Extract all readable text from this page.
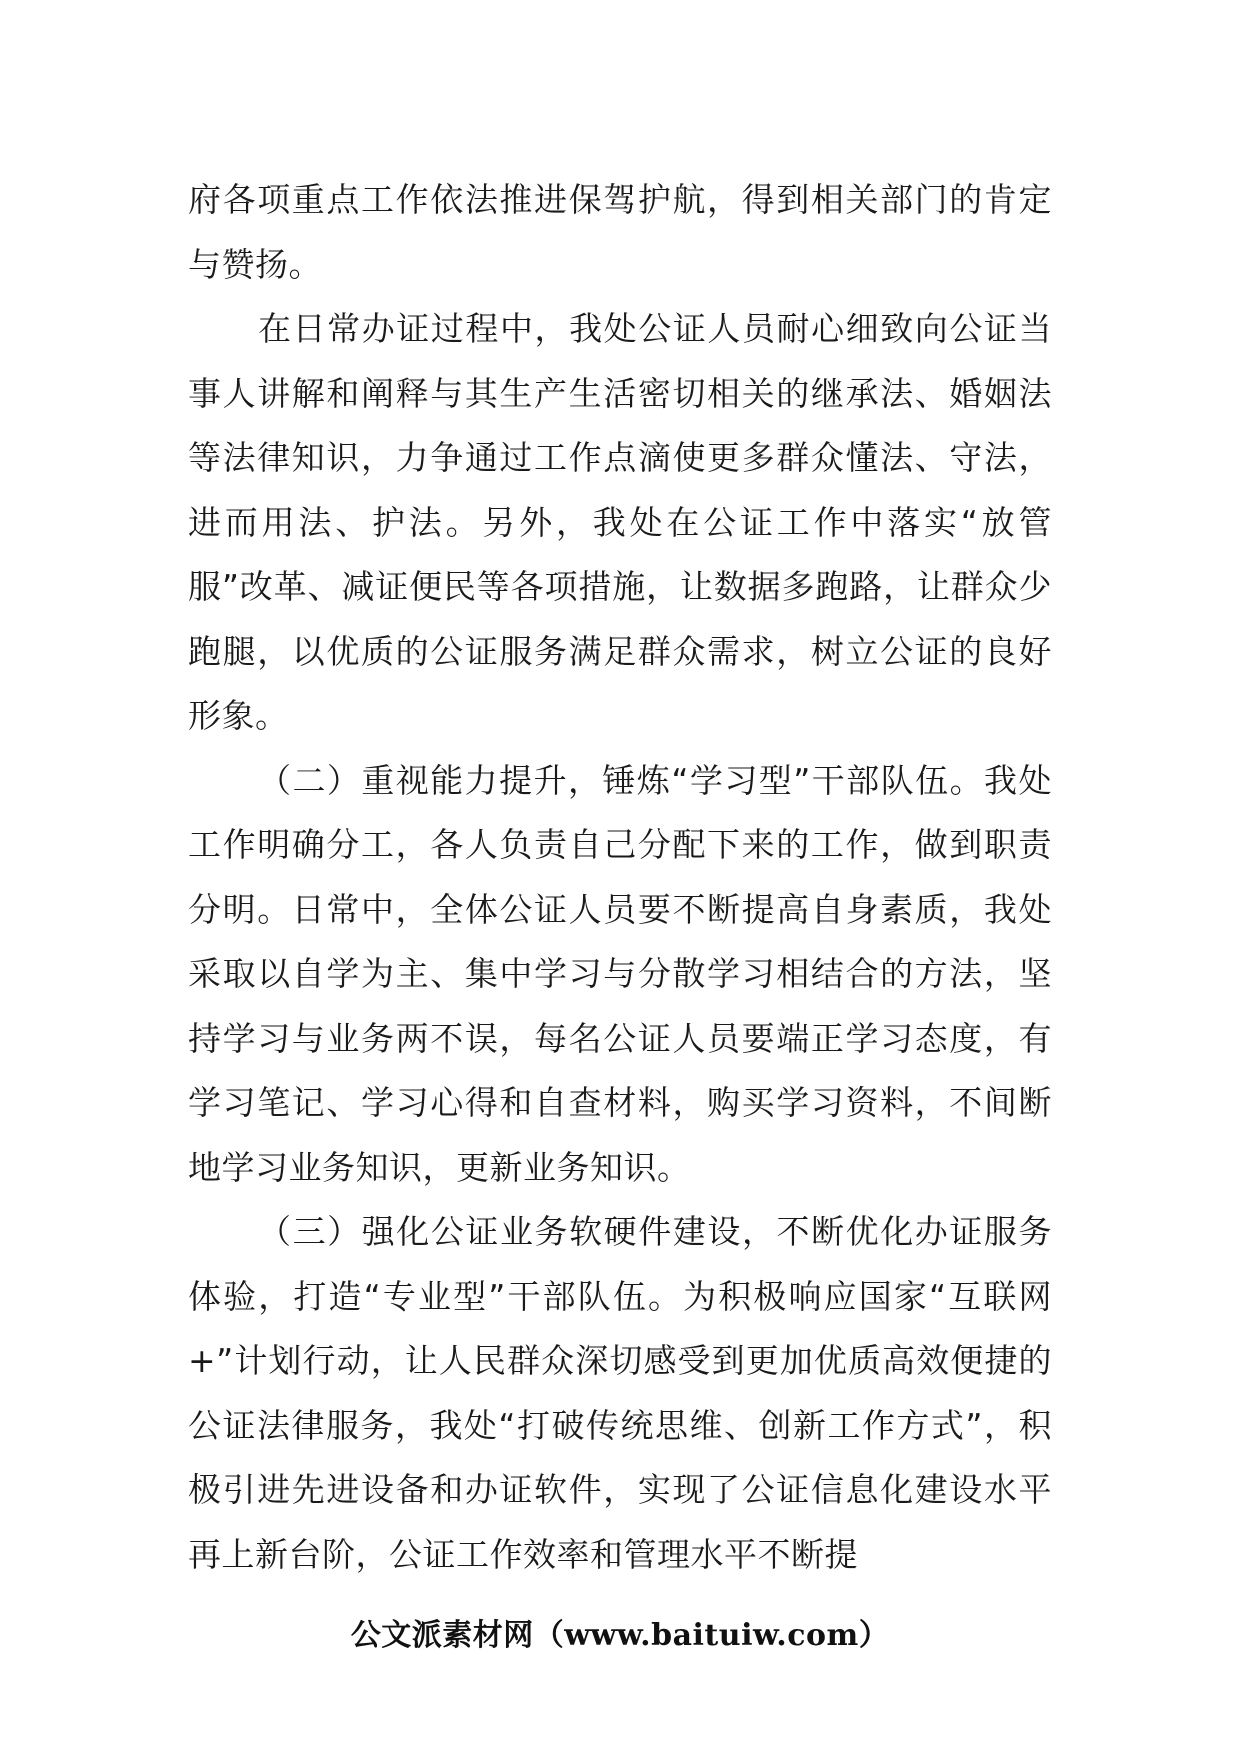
府各项重点工作依法推进保驾护航，得到相关部门的肯定与赞扬。

在日常办证过程中，我处公证人员耐心细致向公证当事人讲解和阐释与其生产生活密切相关的继承法、婚姻法等法律知识，力争通过工作点滴使更多群众懂法、守法，进而用法、护法。另外，我处在公证工作中落实“放管服”改革、减证便民等各项措施，让数据多跑路，让群众少跑腿，以优质的公证服务满足群众需求，树立公证的良好形象。

（二）重视能力提升，锤炼“学习型”干部队伍。我处工作明确分工，各人负责自己分配下来的工作，做到职责分明。日常中，全体公证人员要不断提高自身素质，我处采取以自学为主、集中学习与分散学习相结合的方法，坚持学习与业务两不误，每名公证人员要端正学习态度，有学习笔记、学习心得和自查材料，购买学习资料，不间断地学习业务知识，更新业务知识。

（三）强化公证业务软硬件建设，不断优化办证服务体验，打造“专业型”干部队伍。为积极响应国家“互联网+”计划行动，让人民群众深切感受到更加优质高效便捷的公证法律服务，我处“打破传统思维、创新工作方式”，积极引进先进设备和办证软件，实现了公证信息化建设水平再上新台阶，公证工作效率和管理水平不断提

公文派素材网（www.baituiw.com）
